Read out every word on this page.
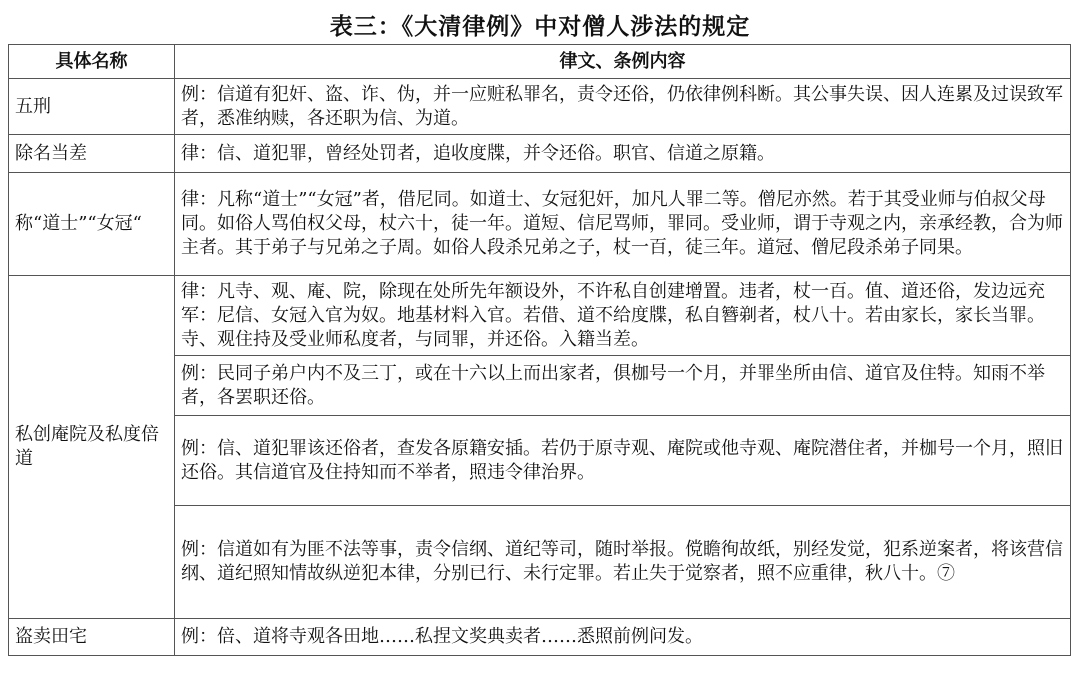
表三：《大清律例》中对僧人涉法的规定
具体名称	律文、条例内容
五刑	例：信道有犯奸、盗、诈、伪，并一应赃私罪名，责令还俗，仍依律例科断。其公事失误、因人连累及过误致军者，悉准纳赎，各还职为信、为道。
除名当差	律：信、道犯罪，曾经处罚者，追收度牒，并令还俗。职官、信道之原籍。
称“道士”“女冠“	律：凡称“道士”“女冠”者，借尼同。如道士、女冠犯奸，加凡人罪二等。僧尼亦然。若于其受业师与伯叔父母同。如俗人骂伯权父母，杖六十，徒一年。道短、信尼骂师，罪同。受业师，谓于寺观之内，亲承经教，合为师主者。其于弟子与兄弟之子周。如俗人段杀兄弟之子，杖一百，徒三年。道冠、僧尼段杀弟子同果。
私创庵院及私度倍道	律：凡寺、观、庵、院，除现在处所先年额设外，不许私自创建增置。违者，杖一百。值、道还俗，发边远充军：尼信、女冠入官为奴。地基材料入官。若借、道不给度牒，私自簪剃者，杖八十。若由家长，家长当罪。寺、观住持及受业师私度者，与同罪，并还俗。入籍当差。
	例：民同子弟户内不及三丁，或在十六以上而出家者，俱枷号一个月，并罪坐所由信、道官及住特。知雨不举者，各罢职还俗。
	例：信、道犯罪该还俗者，查发各原籍安插。若仍于原寺观、庵院或他寺观、庵院潜住者，并枷号一个月，照旧还俗。其信道官及住持知而不举者，照违令律治界。
	例：信道如有为匪不法等事，责令信纲、道纪等司，随时举报。傥瞻徇故纸，别经发觉，犯系逆案者，将该营信纲、道纪照知情故纵逆犯本律，分别已行、未行定罪。若止失于觉察者，照不应重律，秋八十。⑦
盗卖田宅	例：倍、道将寺观各田地……私捏文奖典卖者……悉照前例问发。
